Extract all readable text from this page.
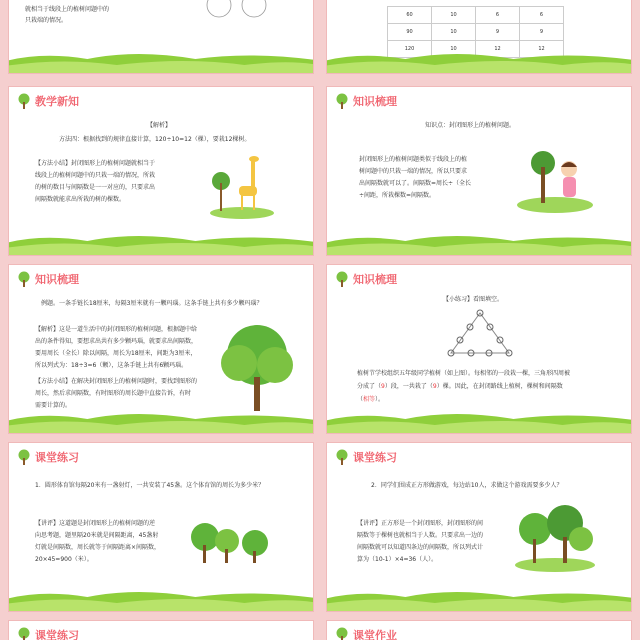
就相当于线段上的植树问题中的
只栽端的情况。
60	10	6	6
90	10	9	9
120	10	12	12
教学新知
【解析】
方法四：根据找到的规律直接计算，120÷10=12（棵），要栽12棵树。
【方法小结】封闭图形上的植树问题就相当于
线段上的植树问题中的只栽一端的情况，所栽
的树的数目与间隔数是一一对应的，只要求出
间隔数就能求出所栽的树的棵数。
知识梳理
知识点：封闭图形上的植树问题。
封闭图形上的植树问题类似于线段上的植
树问题中的只栽一端的情况，所以只要求
出间隔数就可以了。间隔数=周长÷（全长
÷间距，所栽棵数=间隔数。
知识梳理
例题。一条手链长18厘米，每隔3厘米就有一颗玛瑙。这条手链上共有多少颗玛瑙？
【解析】这是一道生活中的封闭图形的植树问题，根据题中给
出的条件得知，要想求出共有多少颗玛瑙，就要求出间隔数，
要用周长（全长）除以间隔，周长为18厘米，间距为3厘米，
所以列式为：18÷3=6（颗），这条手链上共有6颗玛瑙。
【方法小结】在解决封闭图形上的植树问题时，要找到图形的
周长，然后求间隔数，有时图形的周长题中直接告诉，有时
需要计算的。
知识梳理
【小练习】看图填空。
植树节学校组织五年级同学植树（如上图）。每相邻的一段栽一棵，三角形四周被
分成了（9）段，一共栽了（9）棵。因此，在封闭路线上植树，棵树和间隔数
（相等）。
课堂练习
1．圆形体育馆每隔20米有一盏射灯，一共安装了45盏。这个体育馆的周长为多少米？
【讲评】这道题是封闭图形上的植树问题的逆
向思考题，题里隔20米就是间隔距离，45盏射
灯就是间隔数，周长就等于间隔距离×间隔数，
20×45=900（米）。
课堂练习
2．同学们围成正方形做游戏，每边站10人，求做这个游戏需要多少人？
【讲评】正方形是一个封闭图形，封闭图形的间
隔数等于棵树也就相当于人数。只要求出一边的
间隔数就可以知道四条边的间隔数，所以列式计
算为（10-1）×4=36（人）。
课堂练习	课堂作业
